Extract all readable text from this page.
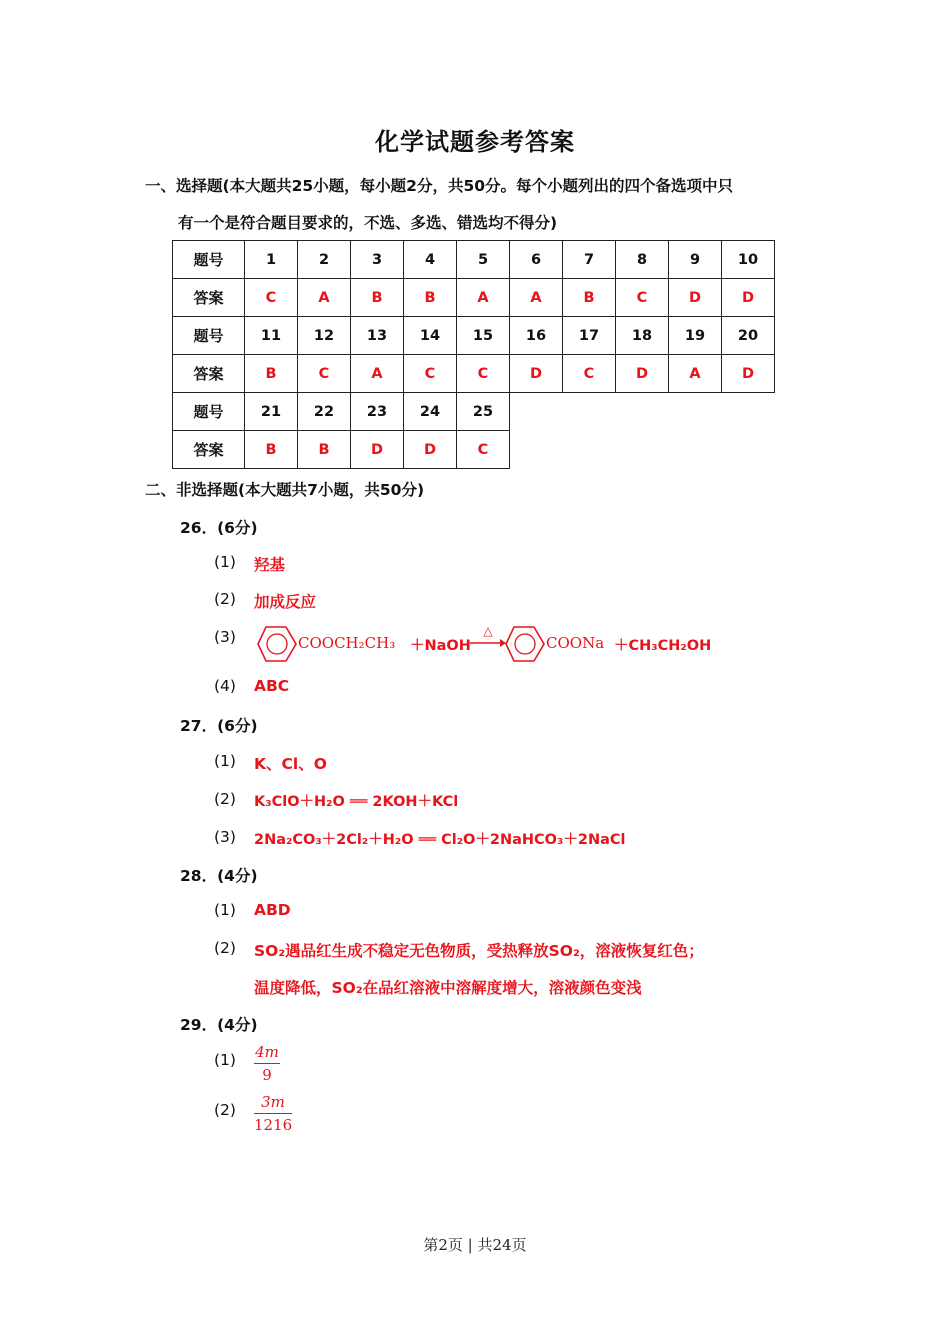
化学试题参考答案
一、选择题(本大题共25小题，每小题2分，共50分。每个小题列出的四个备选项中只
有一个是符合题目要求的，不选、多选、错选均不得分)
题号	1	2	3	4	5	6	7	8	9	10
答案	C	A	B	B	A	A	B	C	D	D
题号	11	12	13	14	15	16	17	18	19	20
答案	B	C	A	C	C	D	C	D	A	D
题号	21	22	23	24	25					
答案	B	B	D	D	C					
二、非选择题(本大题共7小题，共50分)
26．(6分)
(1) 羟基
(2) 加成反应
(3)	COOCH₂CH₃ ＋NaOH
△
COONa ＋CH₃CH₂OH
(4) ABC
27．(6分)
(1) K、Cl、O
(2) K₃ClO＋H₂O ══ 2KOH＋KCl
(3) 2Na₂CO₃＋2Cl₂＋H₂O ══ Cl₂O＋2NaHCO₃＋2NaCl
28．(4分)
(1) ABD
(2) SO₂遇品红生成不稳定无色物质，受热释放SO₂，溶液恢复红色；
温度降低，SO₂在品红溶液中溶解度增大，溶液颜色变浅
29．(4分)
(1) 4m
9
(2)	3m
1216
第2页 | 共24页
